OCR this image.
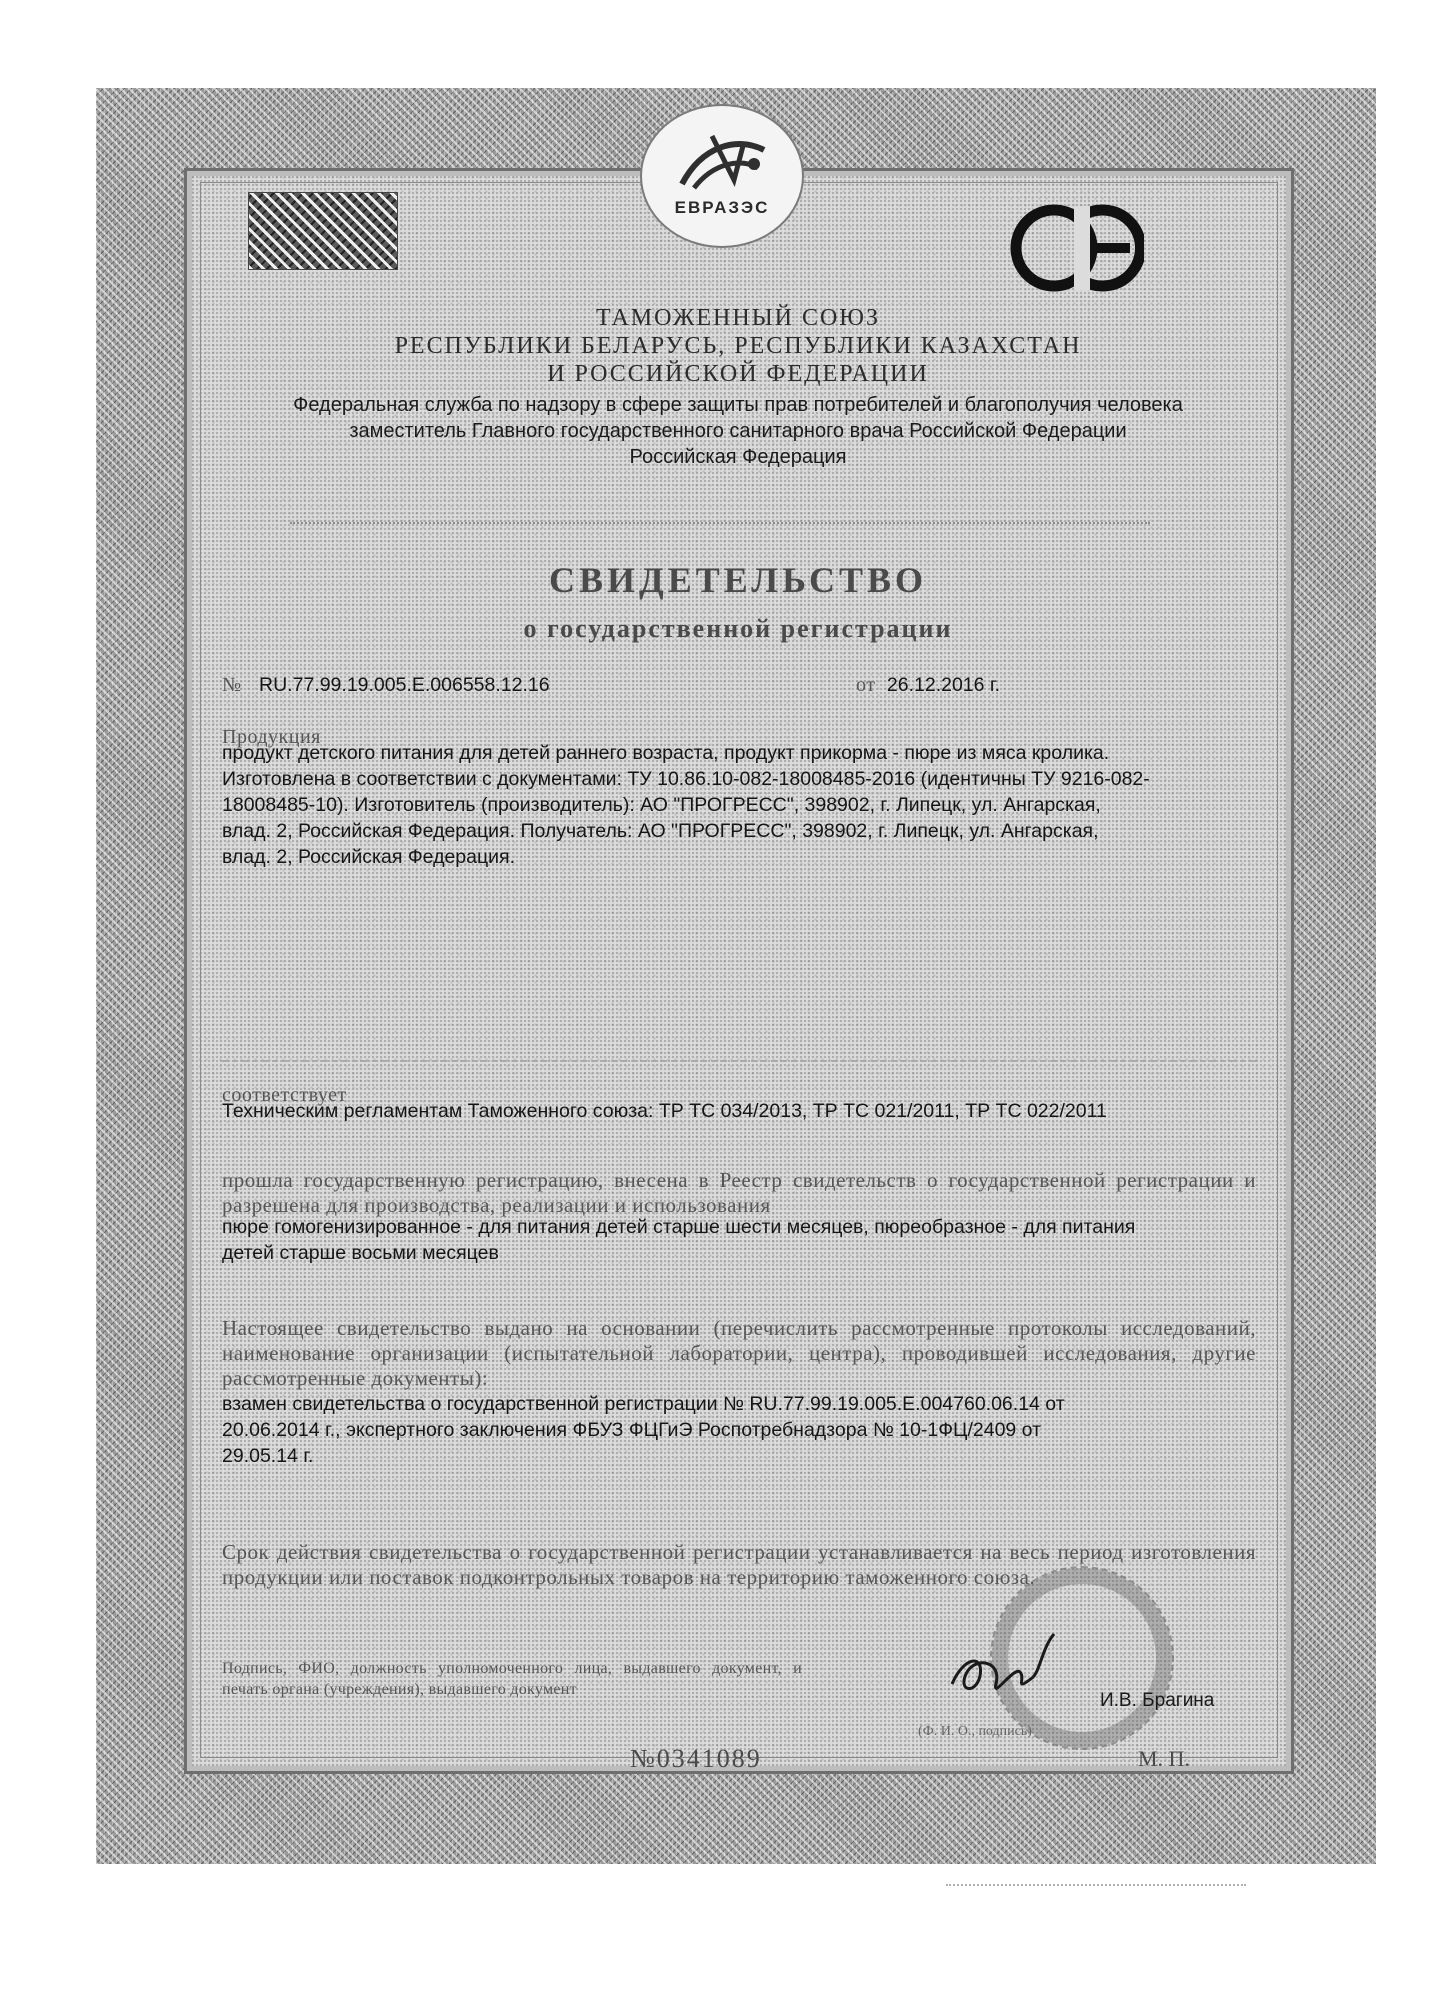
ЕВРАЗЭС
ТАМОЖЕННЫЙ СОЮЗ
РЕСПУБЛИКИ БЕЛАРУСЬ, РЕСПУБЛИКИ КАЗАХСТАН
И РОССИЙСКОЙ ФЕДЕРАЦИИ
Федеральная служба по надзору в сфере защиты прав потребителей и благополучия человека
заместитель Главного государственного санитарного врача Российской Федерации
Российская Федерация
СВИДЕТЕЛЬСТВО
о государственной регистрации
№ RU.77.99.19.005.Е.006558.12.16	от 26.12.2016 г.
Продукция
продукт детского питания для детей раннего возраста, продукт прикорма - пюре из мяса кролика.
Изготовлена в соответствии с документами: ТУ 10.86.10-082-18008485-2016 (идентичны ТУ 9216-082-
18008485-10). Изготовитель (производитель): АО "ПРОГРЕСС", 398902, г. Липецк, ул. Ангарская,
влад. 2, Российская Федерация. Получатель: АО "ПРОГРЕСС", 398902, г. Липецк, ул. Ангарская,
влад. 2, Российская Федерация.
соответствует
Техническим регламентам Таможенного союза: ТР ТС 034/2013, ТР ТС 021/2011, ТР ТС 022/2011
прошла государственную регистрацию, внесена в Реестр свидетельств о государственной регистрации и разрешена для производства, реализации и использования
пюре гомогенизированное - для питания детей старше шести месяцев, пюреобразное - для питания
детей старше восьми месяцев
Настоящее свидетельство выдано на основании (перечислить рассмотренные протоколы исследований, наименование организации (испытательной лаборатории, центра), проводившей исследования, другие рассмотренные документы):
взамен свидетельства о государственной регистрации № RU.77.99.19.005.Е.004760.06.14 от
20.06.2014 г., экспертного заключения ФБУЗ ФЦГиЭ Роспотребнадзора № 10-1ФЦ/2409 от
29.05.14 г.
Срок действия свидетельства о государственной регистрации устанавливается на весь период изготовления продукции или поставок подконтрольных товаров на территорию таможенного союза.
Подпись, ФИО, должность уполномоченного лица, выдавшего документ, и печать органа (учреждения), выдавшего документ
И.В. Брагина
(Ф. И. О., подпись)
№0341089	М. П.
